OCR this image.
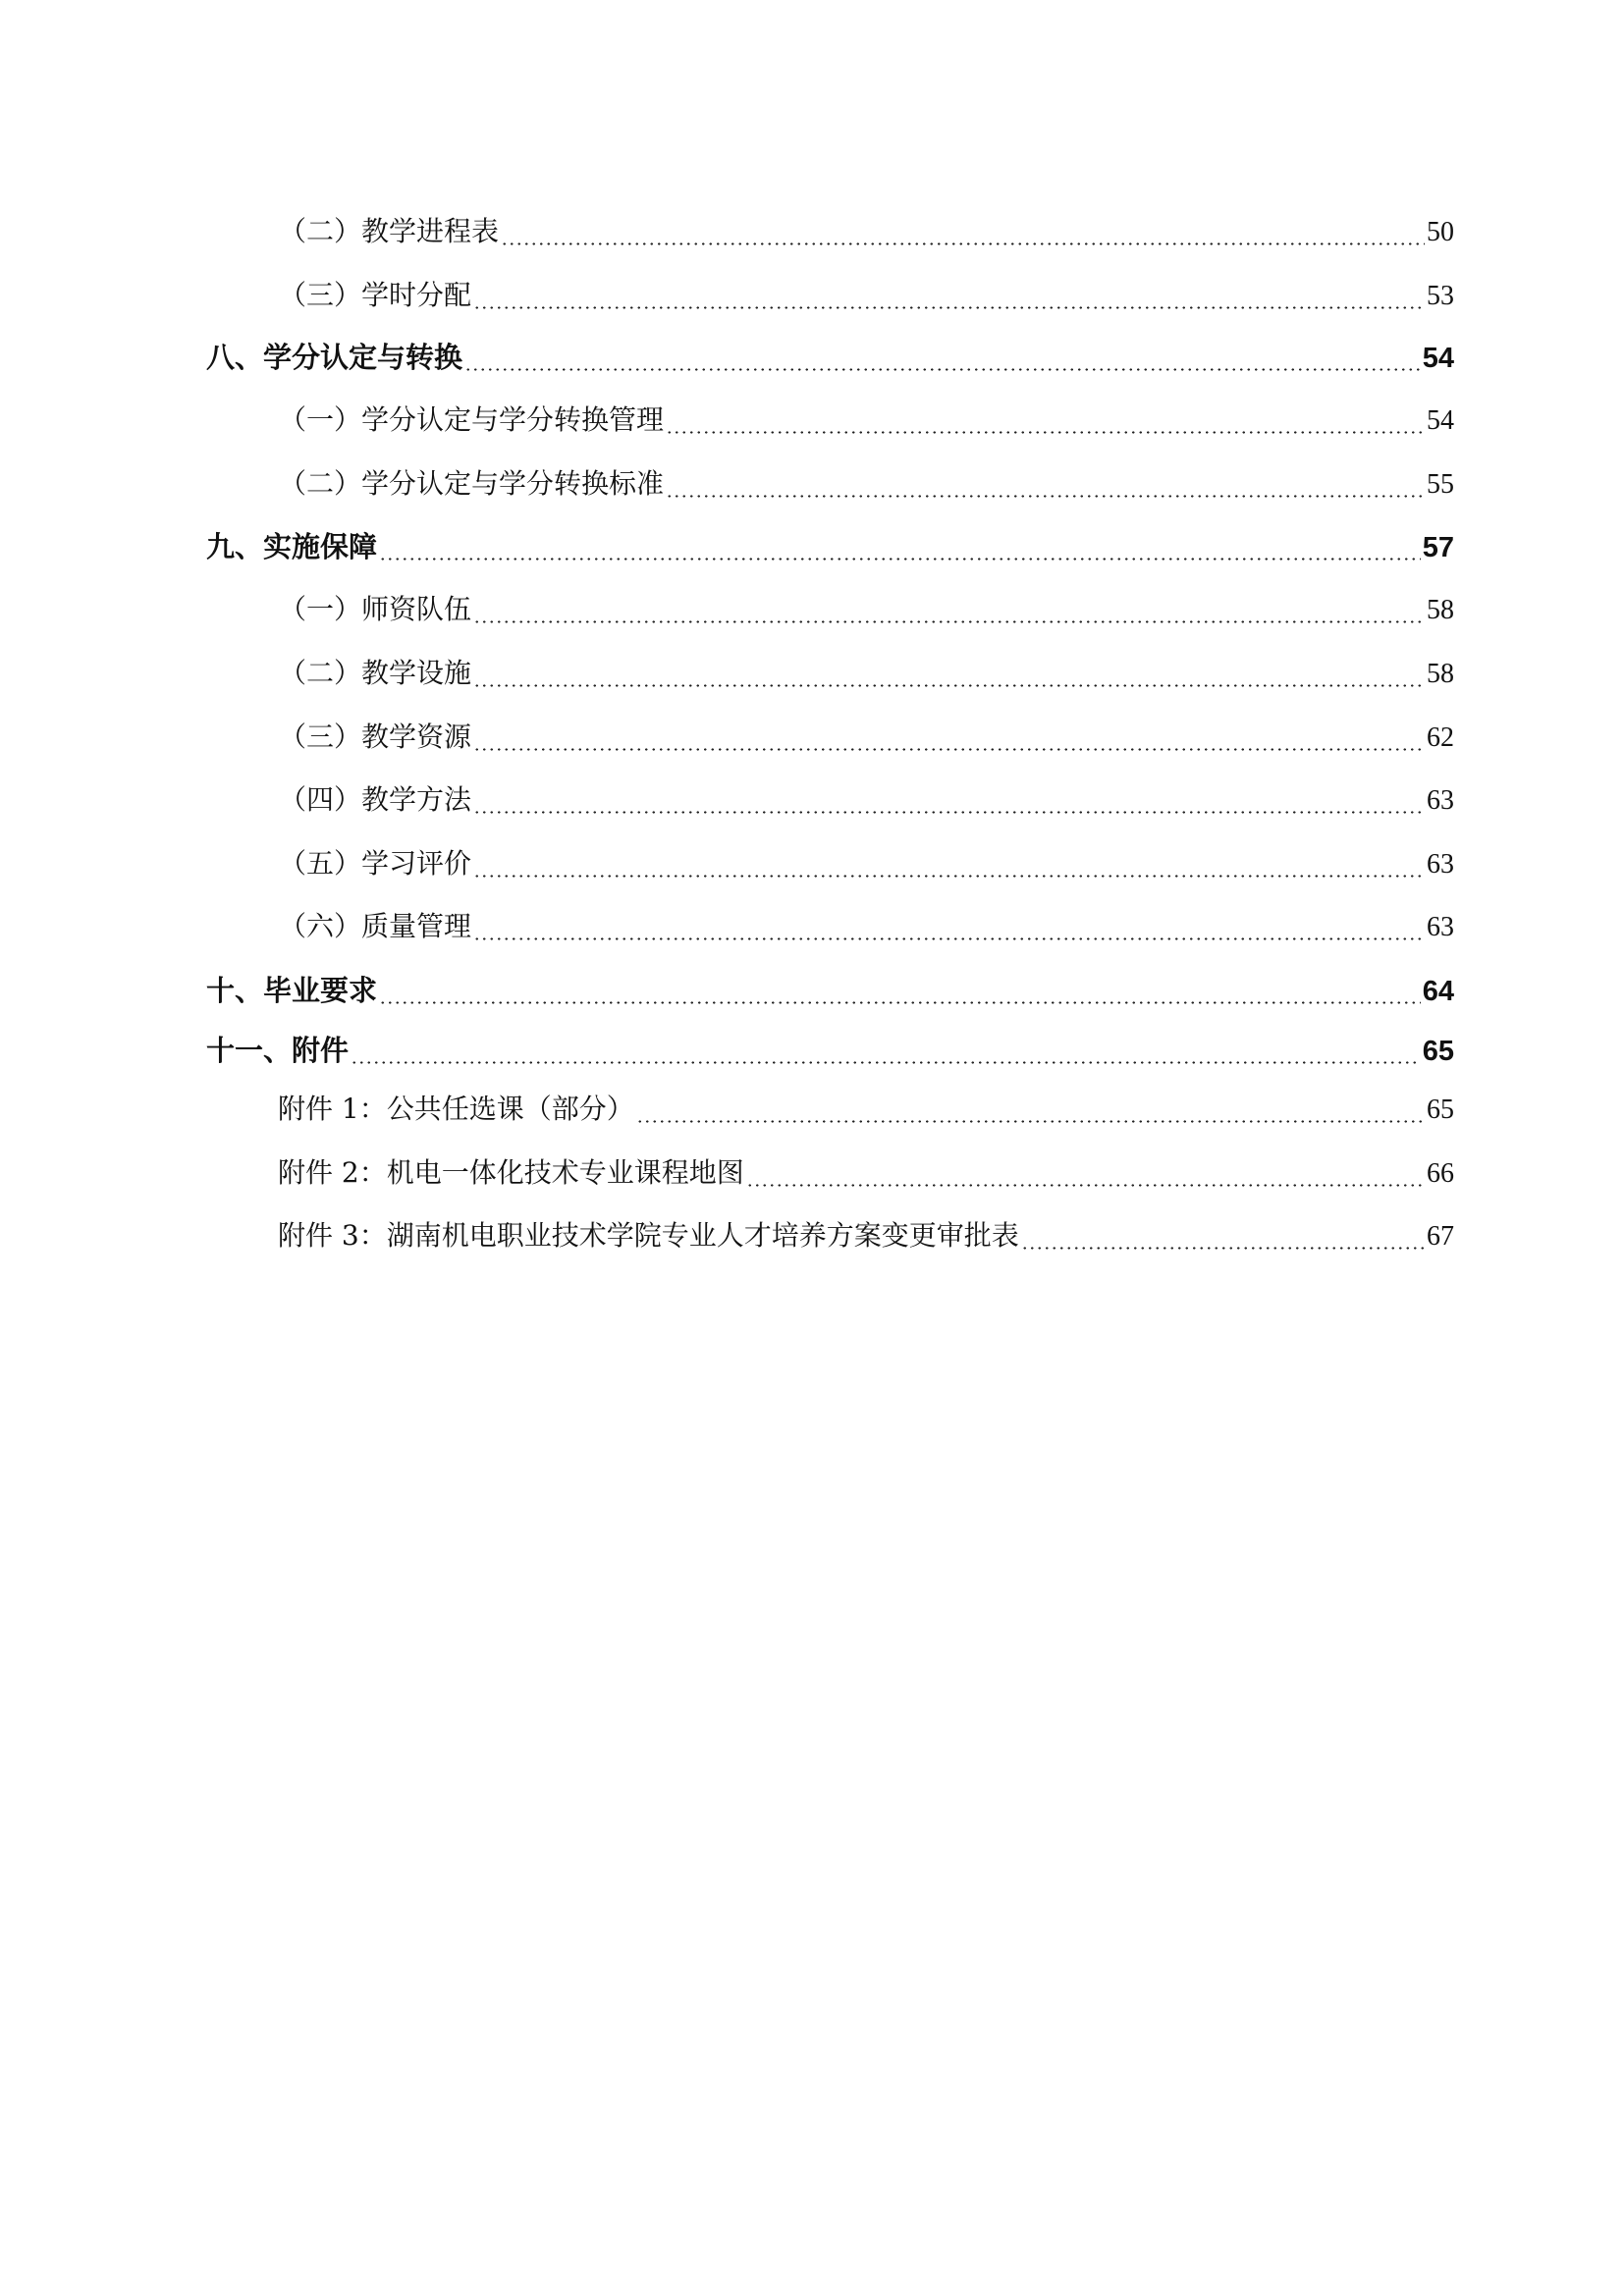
（二）教学进程表	50
（三）学时分配	53
八、学分认定与转换	54
（一）学分认定与学分转换管理	54
（二）学分认定与学分转换标准	55
九、实施保障	57
（一）师资队伍	58
（二）教学设施	58
（三）教学资源	62
（四）教学方法	63
（五）学习评价	63
（六）质量管理	63
十、毕业要求	64
十一、附件	65
附件 1：公共任选课（部分）	65
附件 2：机电一体化技术专业课程地图	66
附件 3：湖南机电职业技术学院专业人才培养方案变更审批表	67
